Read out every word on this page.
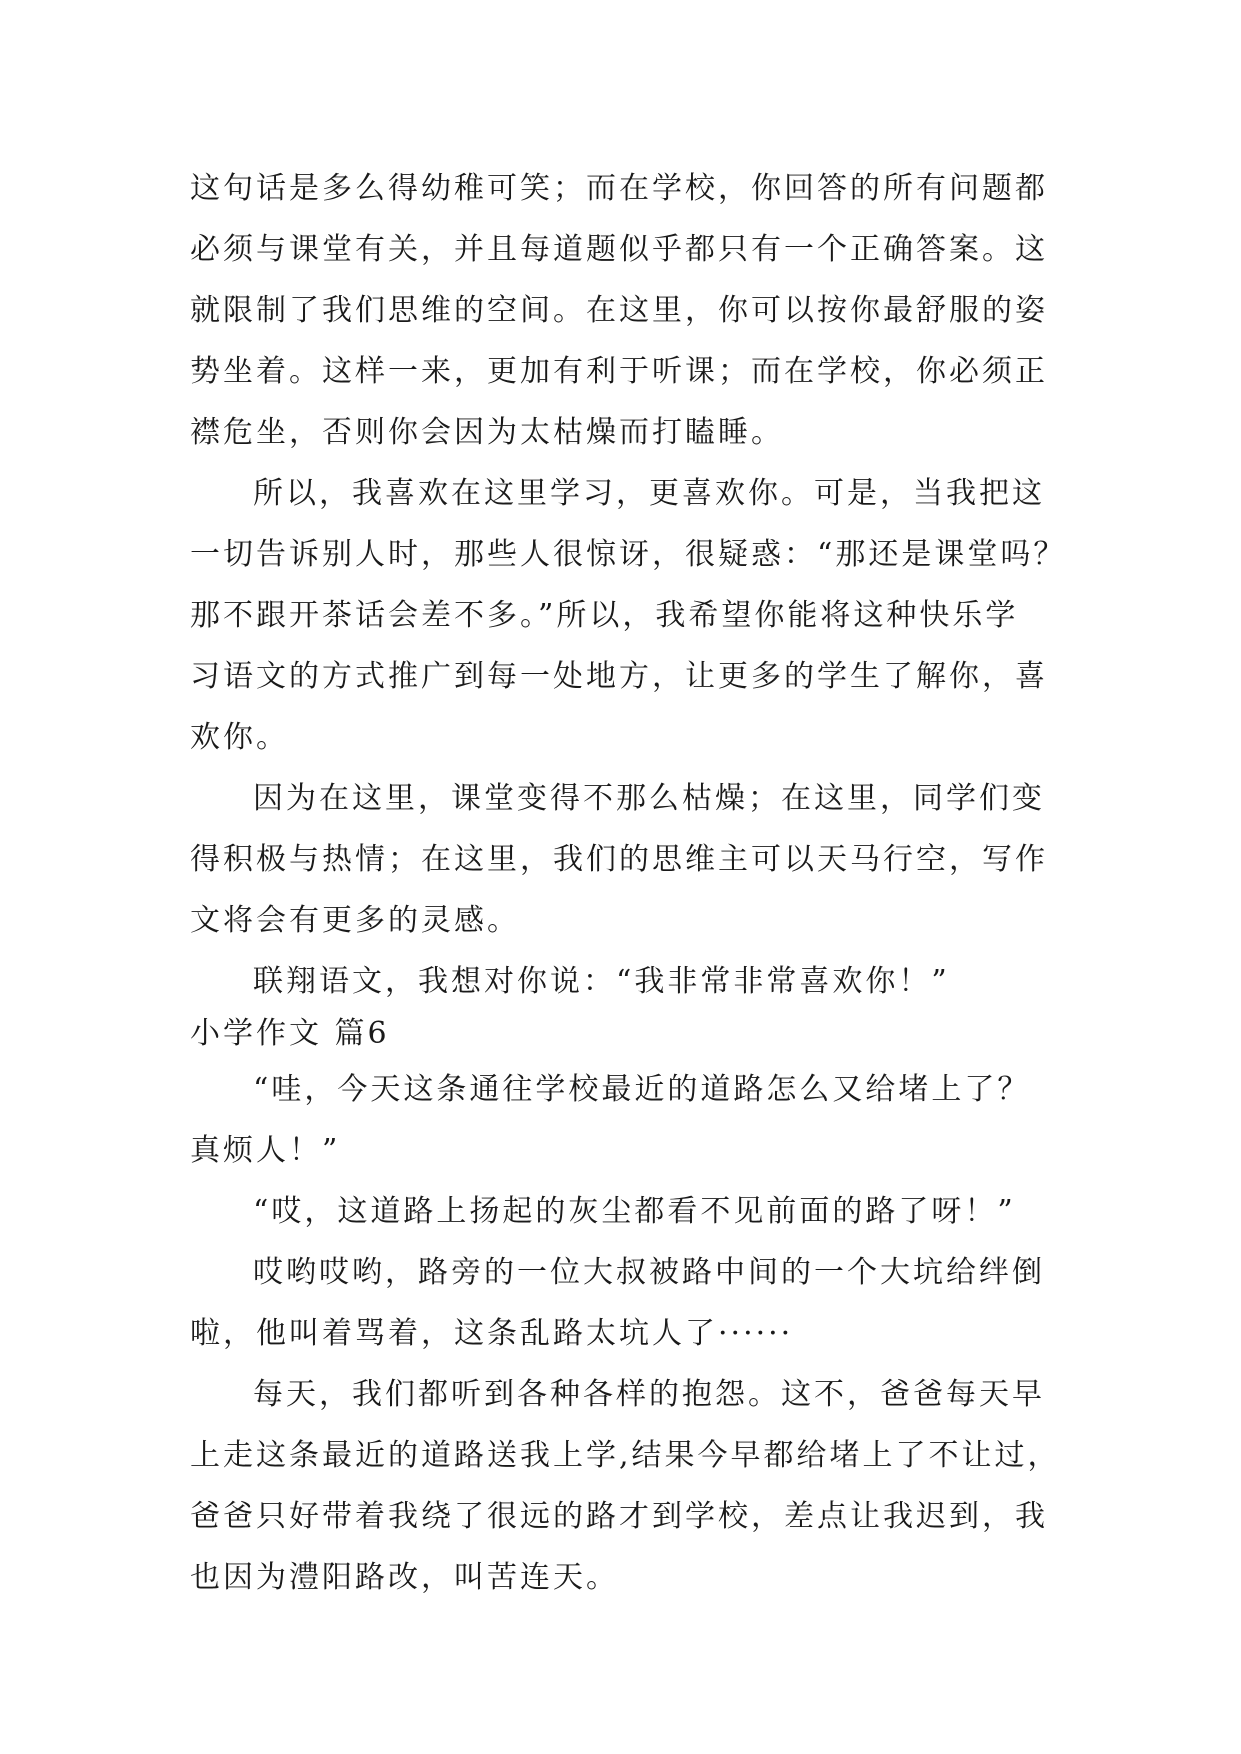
这句话是多么得幼稚可笑；而在学校，你回答的所有问题都
必须与课堂有关，并且每道题似乎都只有一个正确答案。这
就限制了我们思维的空间。在这里，你可以按你最舒服的姿
势坐着。这样一来，更加有利于听课；而在学校，你必须正
襟危坐，否则你会因为太枯燥而打瞌睡。

所以，我喜欢在这里学习，更喜欢你。可是，当我把这
一切告诉别人时，那些人很惊讶，很疑惑：“那还是课堂吗？
那不跟开茶话会差不多。”所以，我希望你能将这种快乐学
习语文的方式推广到每一处地方，让更多的学生了解你，喜
欢你。

因为在这里，课堂变得不那么枯燥；在这里，同学们变
得积极与热情；在这里，我们的思维主可以天马行空，写作
文将会有更多的灵感。

联翔语文，我想对你说：“我非常非常喜欢你！”

小学作文 篇6

“哇，今天这条通往学校最近的道路怎么又给堵上了？
真烦人！”

“哎，这道路上扬起的灰尘都看不见前面的路了呀！”

哎哟哎哟，路旁的一位大叔被路中间的一个大坑给绊倒
啦，他叫着骂着，这条乱路太坑人了······

每天，我们都听到各种各样的抱怨。这不，爸爸每天早
上走这条最近的道路送我上学,结果今早都给堵上了不让过，
爸爸只好带着我绕了很远的路才到学校，差点让我迟到，我
也因为澧阳路改，叫苦连天。
